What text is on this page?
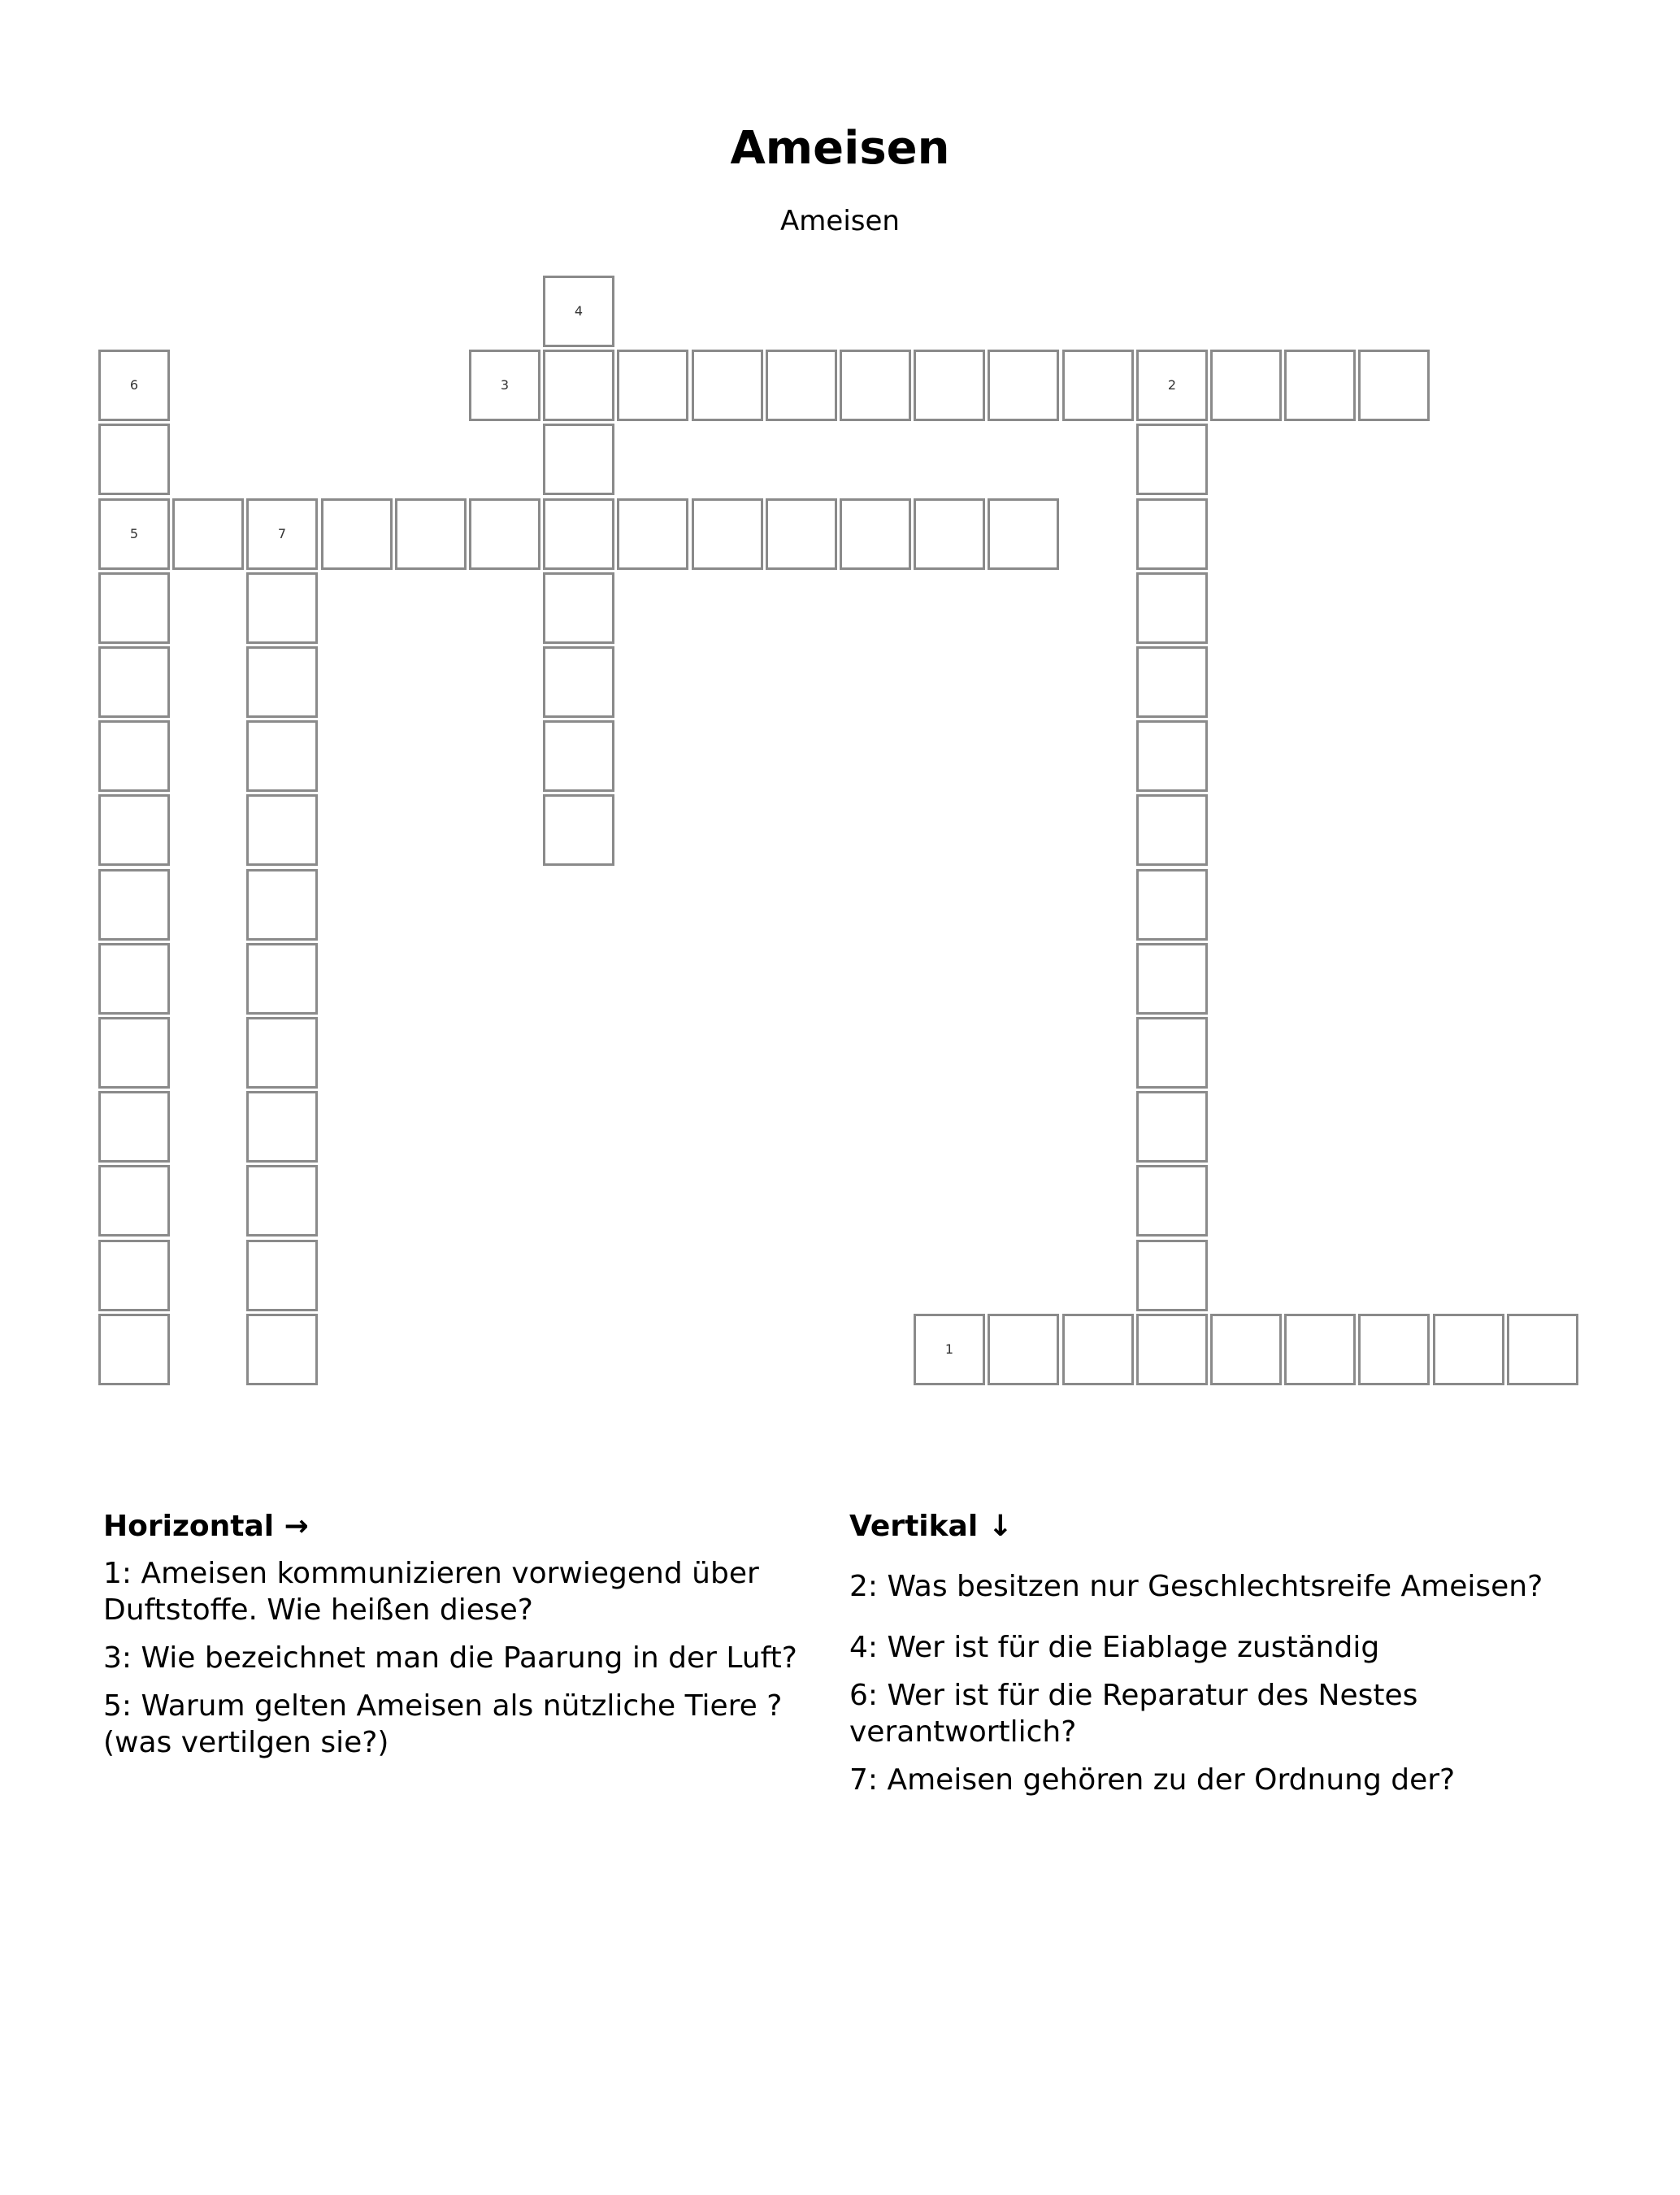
Ameisen
Ameisen
1
2
3
4
5	7
6
Horizontal →
1: Ameisen kommunizieren vorwiegend über Duftstoffe. Wie heißen diese?
3: Wie bezeichnet man die Paarung in der Luft?
5: Warum gelten Ameisen als nützliche Tiere ?(was vertilgen sie?)
Vertikal ↓
2: Was besitzen nur Geschlechtsreife Ameisen?
4: Wer ist für die Eiablage zuständig
6: Wer ist für die Reparatur des Nestes verantwortlich?
7: Ameisen gehören zu der Ordnung der?
